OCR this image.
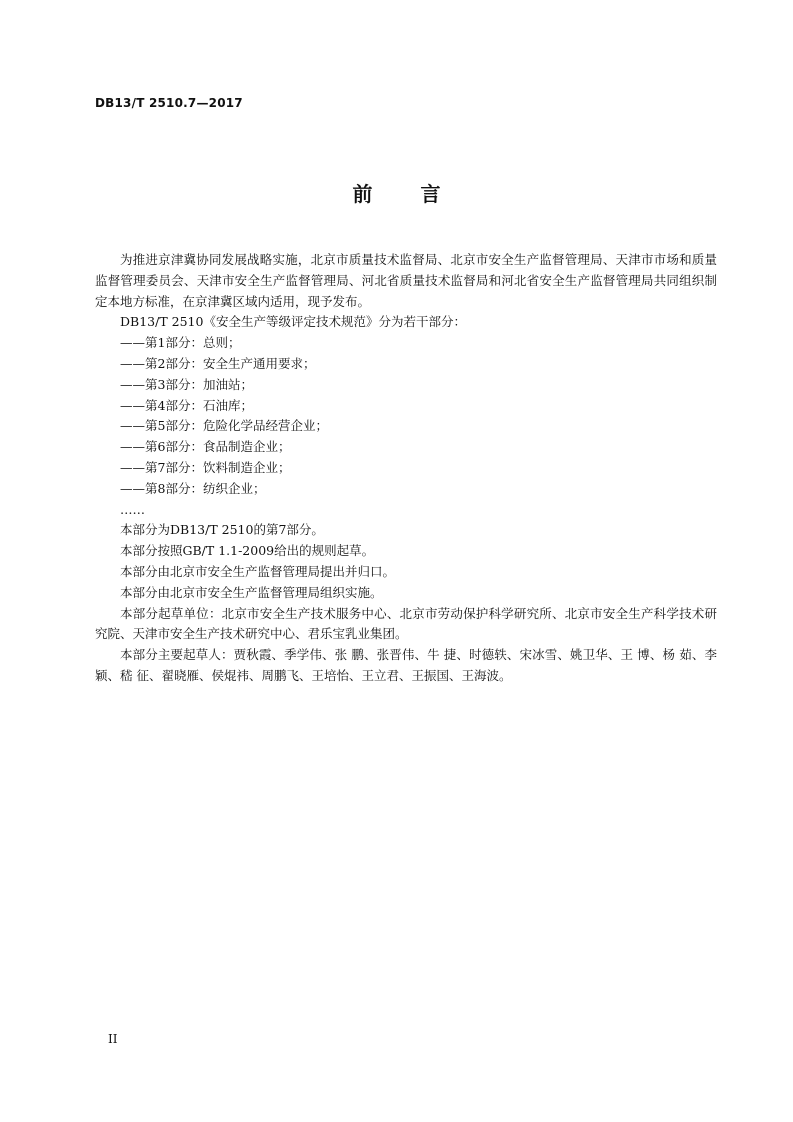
DB13/T 2510.7—2017
前 言

为推进京津冀协同发展战略实施，北京市质量技术监督局、北京市安全生产监督管理局、天津市市场和质量监督管理委员会、天津市安全生产监督管理局、河北省质量技术监督局和河北省安全生产监督管理局共同组织制定本地方标准，在京津冀区域内适用，现予发布。

DB13/T 2510《安全生产等级评定技术规范》分为若干部分：

——第1部分：总则；
——第2部分：安全生产通用要求；
——第3部分：加油站；
——第4部分：石油库；
——第5部分：危险化学品经营企业；
——第6部分：食品制造企业；
——第7部分：饮料制造企业；
——第8部分：纺织企业；
……

本部分为DB13/T 2510的第7部分。

本部分按照GB/T 1.1-2009给出的规则起草。

本部分由北京市安全生产监督管理局提出并归口。

本部分由北京市安全生产监督管理局组织实施。

本部分起草单位：北京市安全生产技术服务中心、北京市劳动保护科学研究所、北京市安全生产科学技术研究院、天津市安全生产技术研究中心、君乐宝乳业集团。

本部分主要起草人：贾秋霞、季学伟、张 鹏、张晋伟、牛 捷、时德轶、宋冰雪、姚卫华、王 博、杨 茹、李 颖、嵇 征、翟晓雁、侯焜祎、周鹏飞、王培怡、王立君、王振国、王海波。

II
